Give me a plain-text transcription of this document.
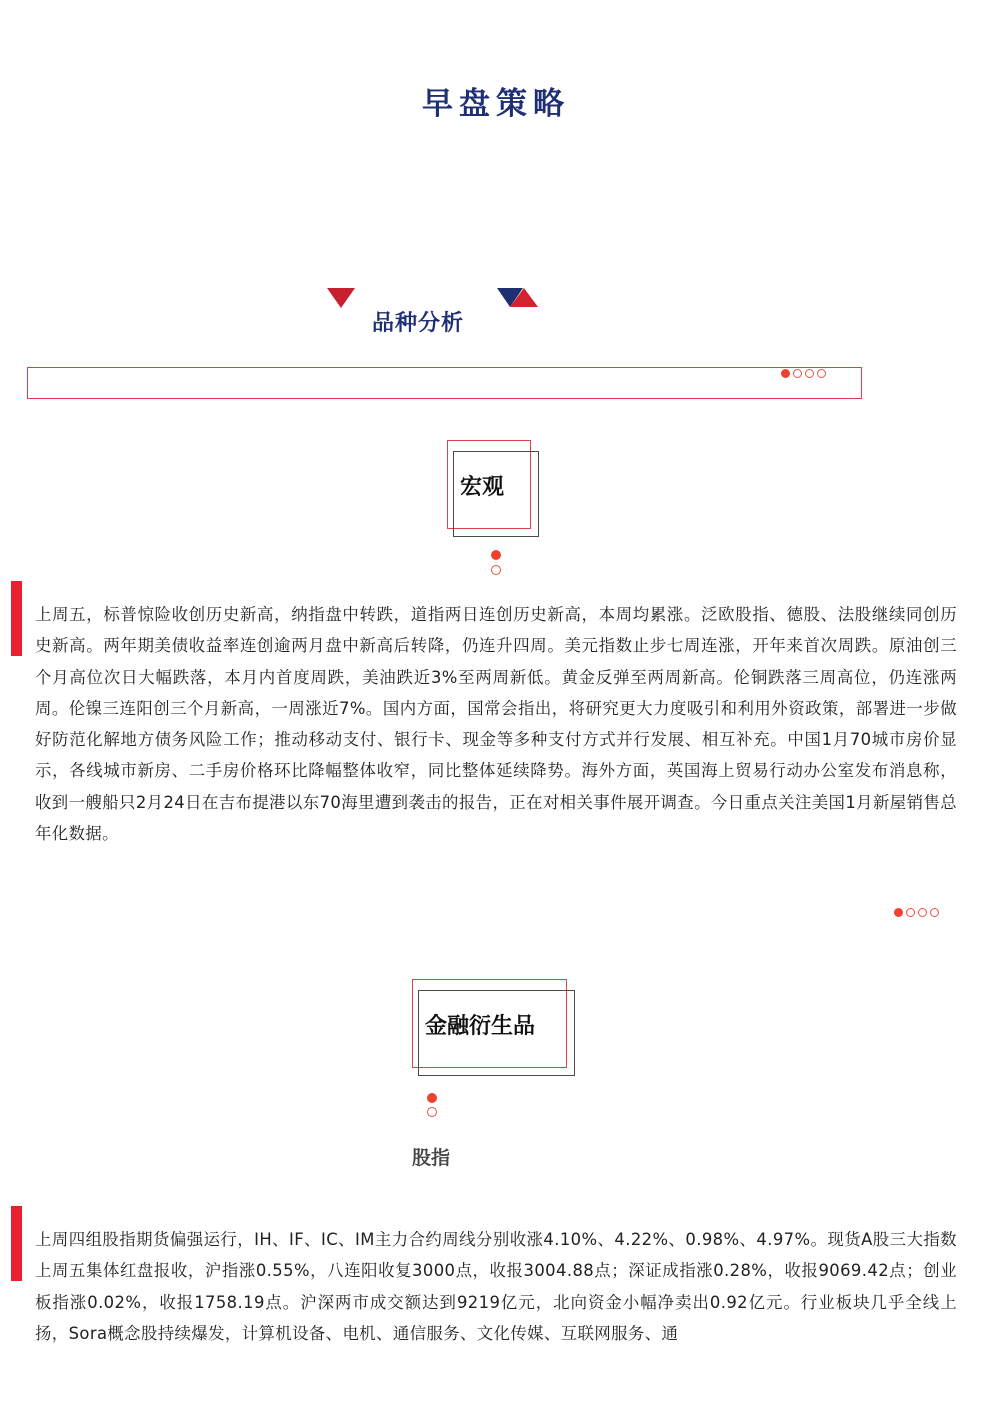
早盘策略
品种分析
宏观
上周五，标普惊险收创历史新高，纳指盘中转跌，道指两日连创历史新高，本周均累涨。泛欧股指、德股、法股继续同创历史新高。两年期美债收益率连创逾两月盘中新高后转降，仍连升四周。美元指数止步七周连涨，开年来首次周跌。原油创三个月高位次日大幅跌落，本月内首度周跌，美油跌近3%至两周新低。黄金反弹至两周新高。伦铜跌落三周高位，仍连涨两周。伦镍三连阳创三个月新高，一周涨近7%。国内方面，国常会指出，将研究更大力度吸引和利用外资政策，部署进一步做好防范化解地方债务风险工作；推动移动支付、银行卡、现金等多种支付方式并行发展、相互补充。中国1月70城市房价显示，各线城市新房、二手房价格环比降幅整体收窄，同比整体延续降势。海外方面，英国海上贸易行动办公室发布消息称，收到一艘船只2月24日在吉布提港以东70海里遭到袭击的报告，正在对相关事件展开调查。今日重点关注美国1月新屋销售总年化数据。
金融衍生品
股指
上周四组股指期货偏强运行，IH、IF、IC、IM主力合约周线分别收涨4.10%、4.22%、0.98%、4.97%。现货A股三大指数上周五集体红盘报收，沪指涨0.55%，八连阳收复3000点，收报3004.88点；深证成指涨0.28%，收报9069.42点；创业板指涨0.02%，收报1758.19点。沪深两市成交额达到9219亿元，北向资金小幅净卖出0.92亿元。行业板块几乎全线上扬，Sora概念股持续爆发，计算机设备、电机、通信服务、文化传媒、互联网服务、通
